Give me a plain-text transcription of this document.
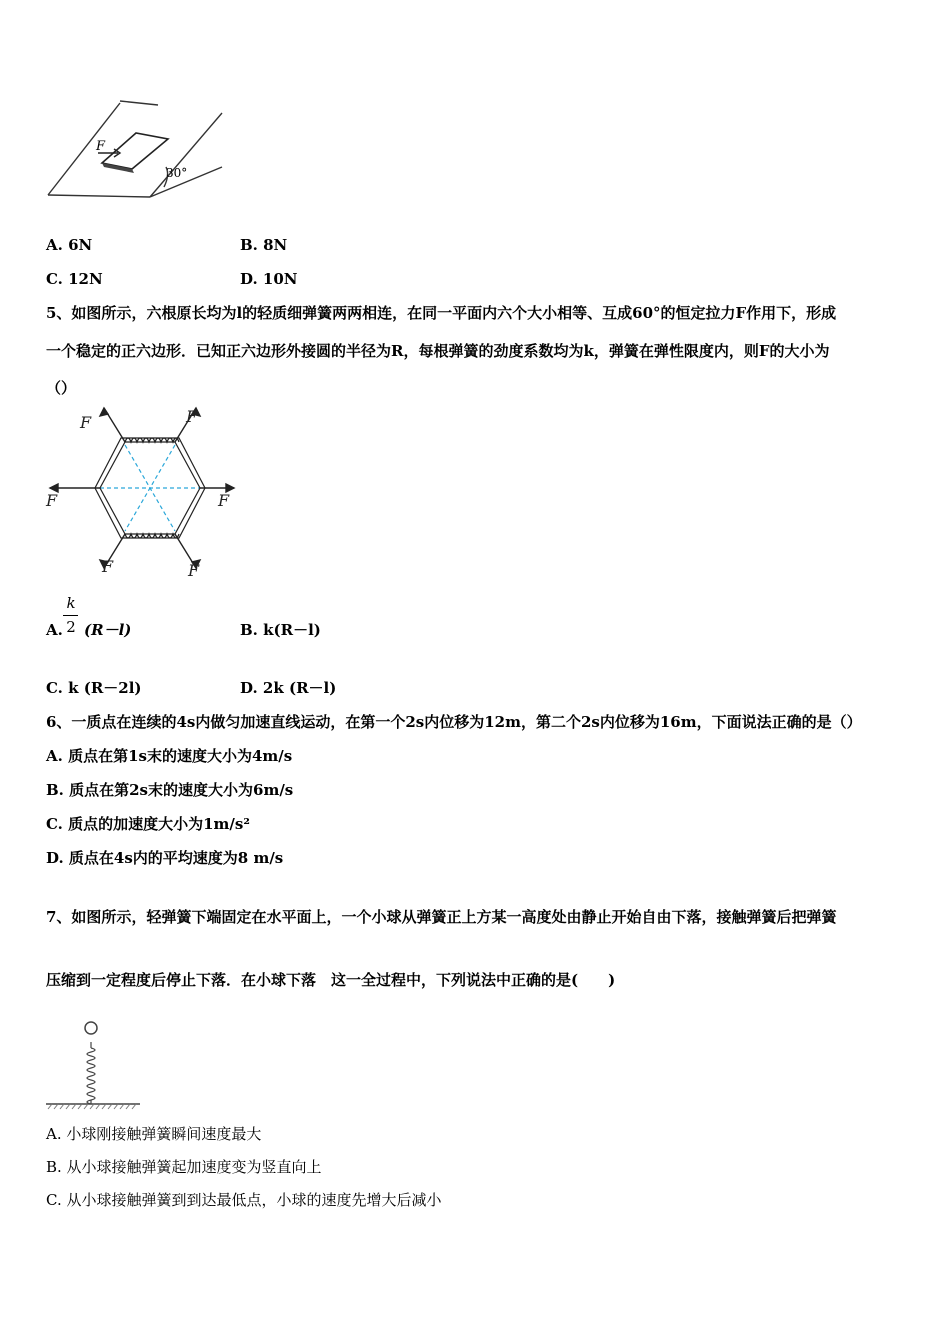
F
30°
A. 6N	B. 8N
C. 12N	D. 10N
5、如图所示，六根原长均为l的轻质细弹簧两两相连，在同一平面内六个大小相等、互成60°的恒定拉力F作用下，形成
一个稳定的正六边形．已知正六边形外接圆的半径为R，每根弹簧的劲度系数均为k，弹簧在弹性限度内，则F的大小为
（）
F	F
F	F
F	F
A.
k
2 (R－l)	B. k(R－l)
C. k (R－2l)	D. 2k (R－l)
6、一质点在连续的4s内做匀加速直线运动，在第一个2s内位移为12m，第二个2s内位移为16m，下面说法正确的是（）
A. 质点在第1s末的速度大小为4m/s
B. 质点在第2s末的速度大小为6m/s
C. 质点的加速度大小为1m/s²
D. 质点在4s内的平均速度为8 m/s
7、如图所示，轻弹簧下端固定在水平面上，一个小球从弹簧正上方某一高度处由静止开始自由下落，接触弹簧后把弹簧
压缩到一定程度后停止下落．在小球下落　这一全过程中，下列说法中正确的是(　　)
A. 小球刚接触弹簧瞬间速度最大
B. 从小球接触弹簧起加速度变为竖直向上
C. 从小球接触弹簧到到达最低点，小球的速度先增大后减小
